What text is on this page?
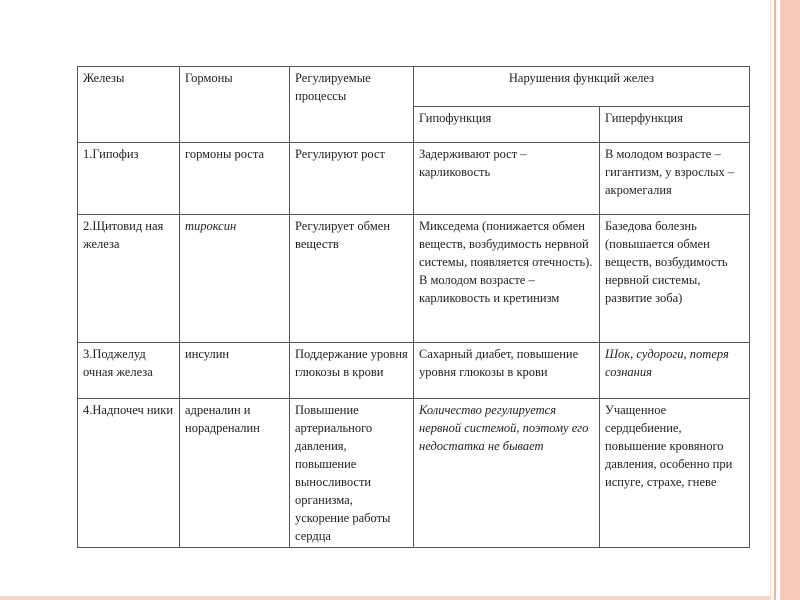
Железы	Гормоны	Регулируемые процессы	Нарушения функций желез	
			Гипофункция	Гиперфункция
1.Гипофиз	гормоны роста	Регулируют рост	Задерживают рост – карликовость	В молодом возрасте – гигантизм, у взрослых – акромегалия
2.Щитовид ная железа	тироксин	Регулирует обмен веществ	Микседема (понижается обмен веществ, возбудимость нервной системы, появляется отечность). В молодом возрасте – карликовость и кретинизм	Базедова болезнь (повышается обмен веществ, возбудимость нервной системы, развитие зоба)
3.Поджелуд очная железа	инсулин	Поддержание уровня глюкозы в крови	Сахарный диабет, повышение уровня глюкозы в крови	Шок, судороги, потеря сознания
4.Надпочеч ники	адреналин и норадреналин	Повышение артериального давления, повышение выносливости организма, ускорение работы сердца	Количество регулируется нервной системой, поэтому его недостатка не бывает	Учащенное сердцебиение, повышение кровяного давления, особенно при испуге, страхе, гневе
